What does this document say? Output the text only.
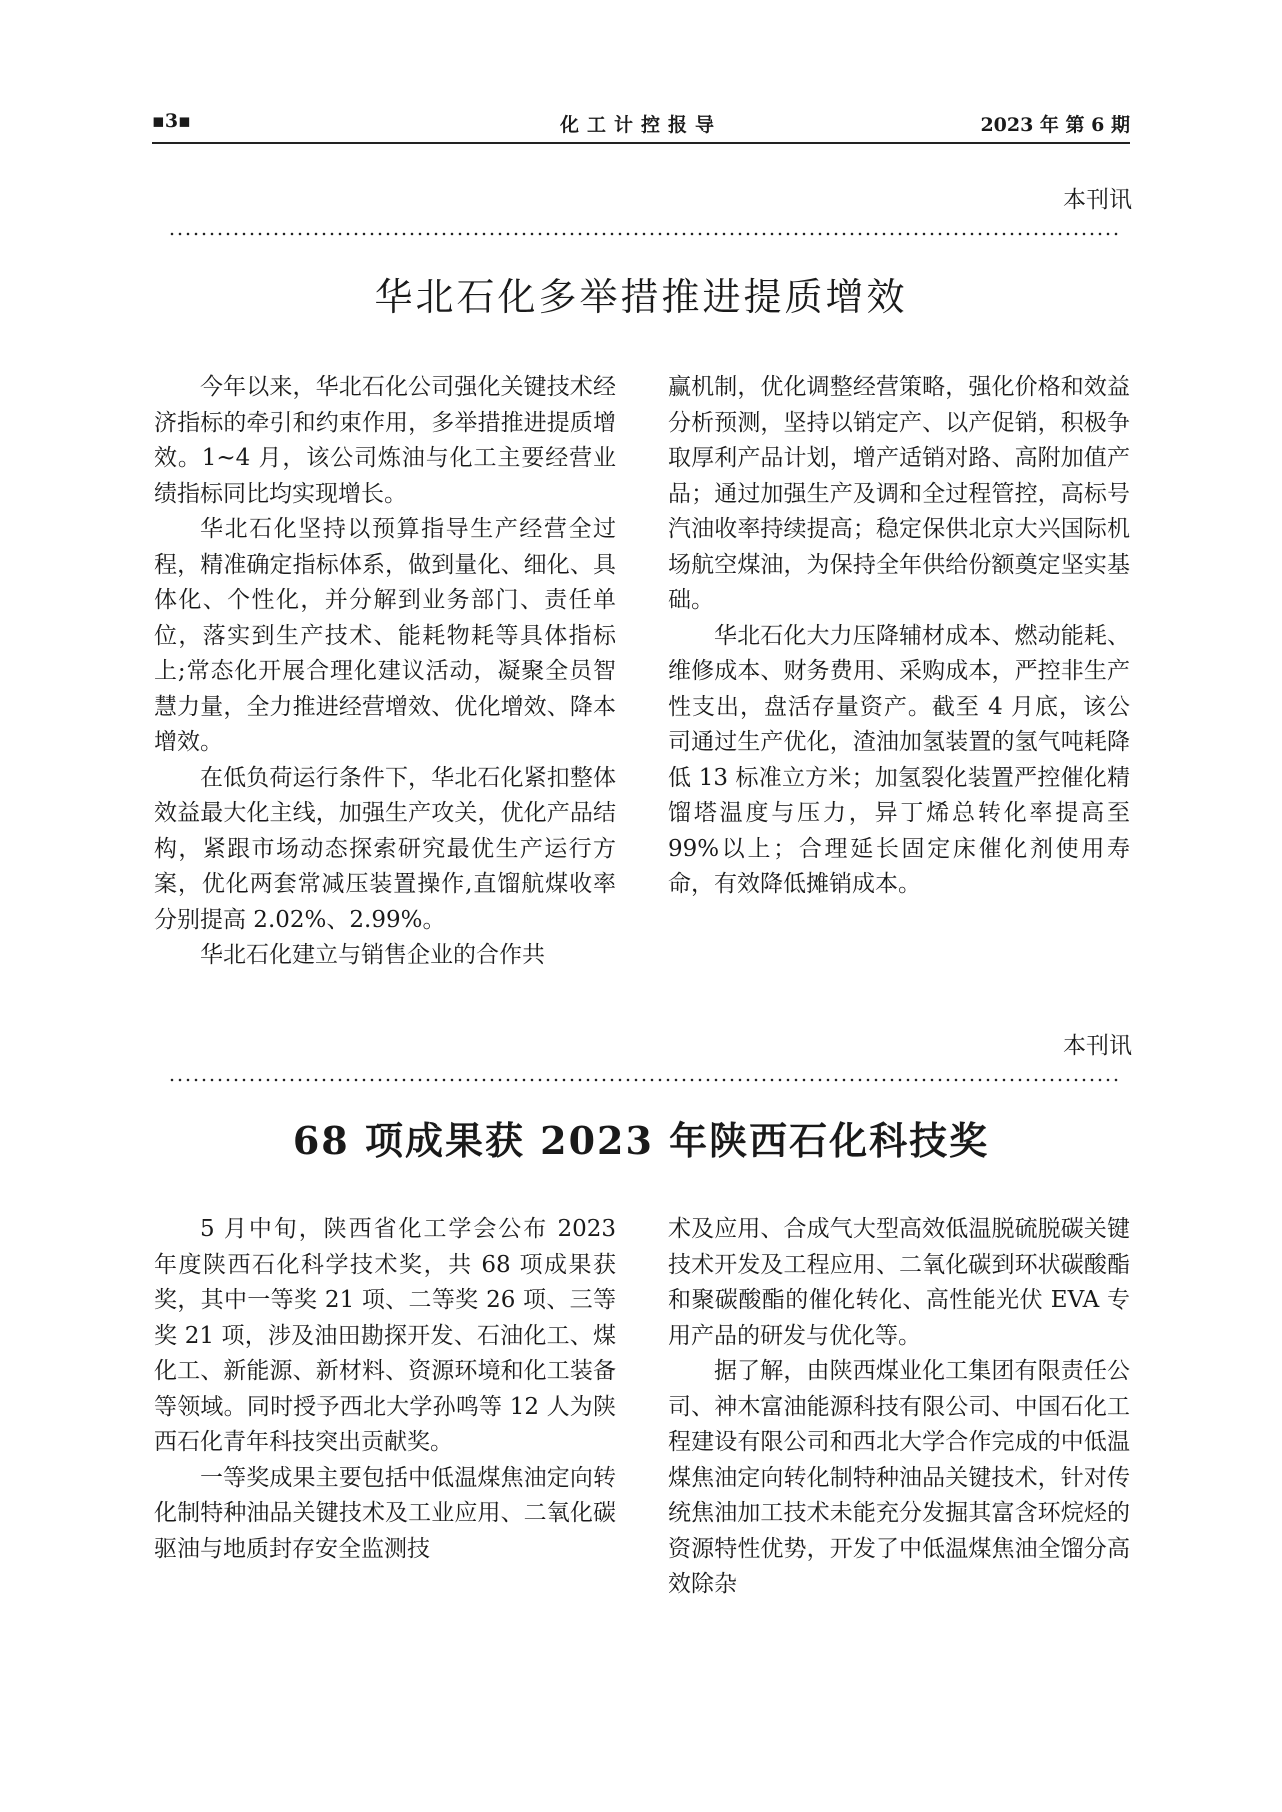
▪3▪	化工计控报导	2023 年 第 6 期
本刊讯
华北石化多举措推进提质增效

今年以来，华北石化公司强化关键技术经济指标的牵引和约束作用，多举措推进提质增效。1~4 月，该公司炼油与化工主要经营业绩指标同比均实现增长。

华北石化坚持以预算指导生产经营全过程，精准确定指标体系，做到量化、细化、具体化、个性化，并分解到业务部门、责任单位，落实到生产技术、能耗物耗等具体指标上;常态化开展合理化建议活动，凝聚全员智慧力量，全力推进经营增效、优化增效、降本增效。

在低负荷运行条件下，华北石化紧扣整体效益最大化主线，加强生产攻关，优化产品结构，紧跟市场动态探索研究最优生产运行方案，优化两套常减压装置操作,直馏航煤收率分别提高 2.02%、2.99%。

华北石化建立与销售企业的合作共

赢机制，优化调整经营策略，强化价格和效益分析预测，坚持以销定产、以产促销，积极争取厚利产品计划，增产适销对路、高附加值产品；通过加强生产及调和全过程管控，高标号汽油收率持续提高；稳定保供北京大兴国际机场航空煤油，为保持全年供给份额奠定坚实基础。

华北石化大力压降辅材成本、燃动能耗、维修成本、财务费用、采购成本，严控非生产性支出，盘活存量资产。截至 4 月底，该公司通过生产优化，渣油加氢装置的氢气吨耗降低 13 标准立方米；加氢裂化装置严控催化精馏塔温度与压力，异丁烯总转化率提高至 99%以上；合理延长固定床催化剂使用寿命，有效降低摊销成本。

本刊讯
68 项成果获 2023 年陕西石化科技奖

5 月中旬，陕西省化工学会公布 2023 年度陕西石化科学技术奖，共 68 项成果获奖，其中一等奖 21 项、二等奖 26 项、三等奖 21 项，涉及油田勘探开发、石油化工、煤化工、新能源、新材料、资源环境和化工装备等领域。同时授予西北大学孙鸣等 12 人为陕西石化青年科技突出贡献奖。

一等奖成果主要包括中低温煤焦油定向转化制特种油品关键技术及工业应用、二氧化碳驱油与地质封存安全监测技

术及应用、合成气大型高效低温脱硫脱碳关键技术开发及工程应用、二氧化碳到环状碳酸酯和聚碳酸酯的催化转化、高性能光伏 EVA 专用产品的研发与优化等。

据了解，由陕西煤业化工集团有限责任公司、神木富油能源科技有限公司、中国石化工程建设有限公司和西北大学合作完成的中低温煤焦油定向转化制特种油品关键技术，针对传统焦油加工技术未能充分发掘其富含环烷烃的资源特性优势，开发了中低温煤焦油全馏分高效除杂
